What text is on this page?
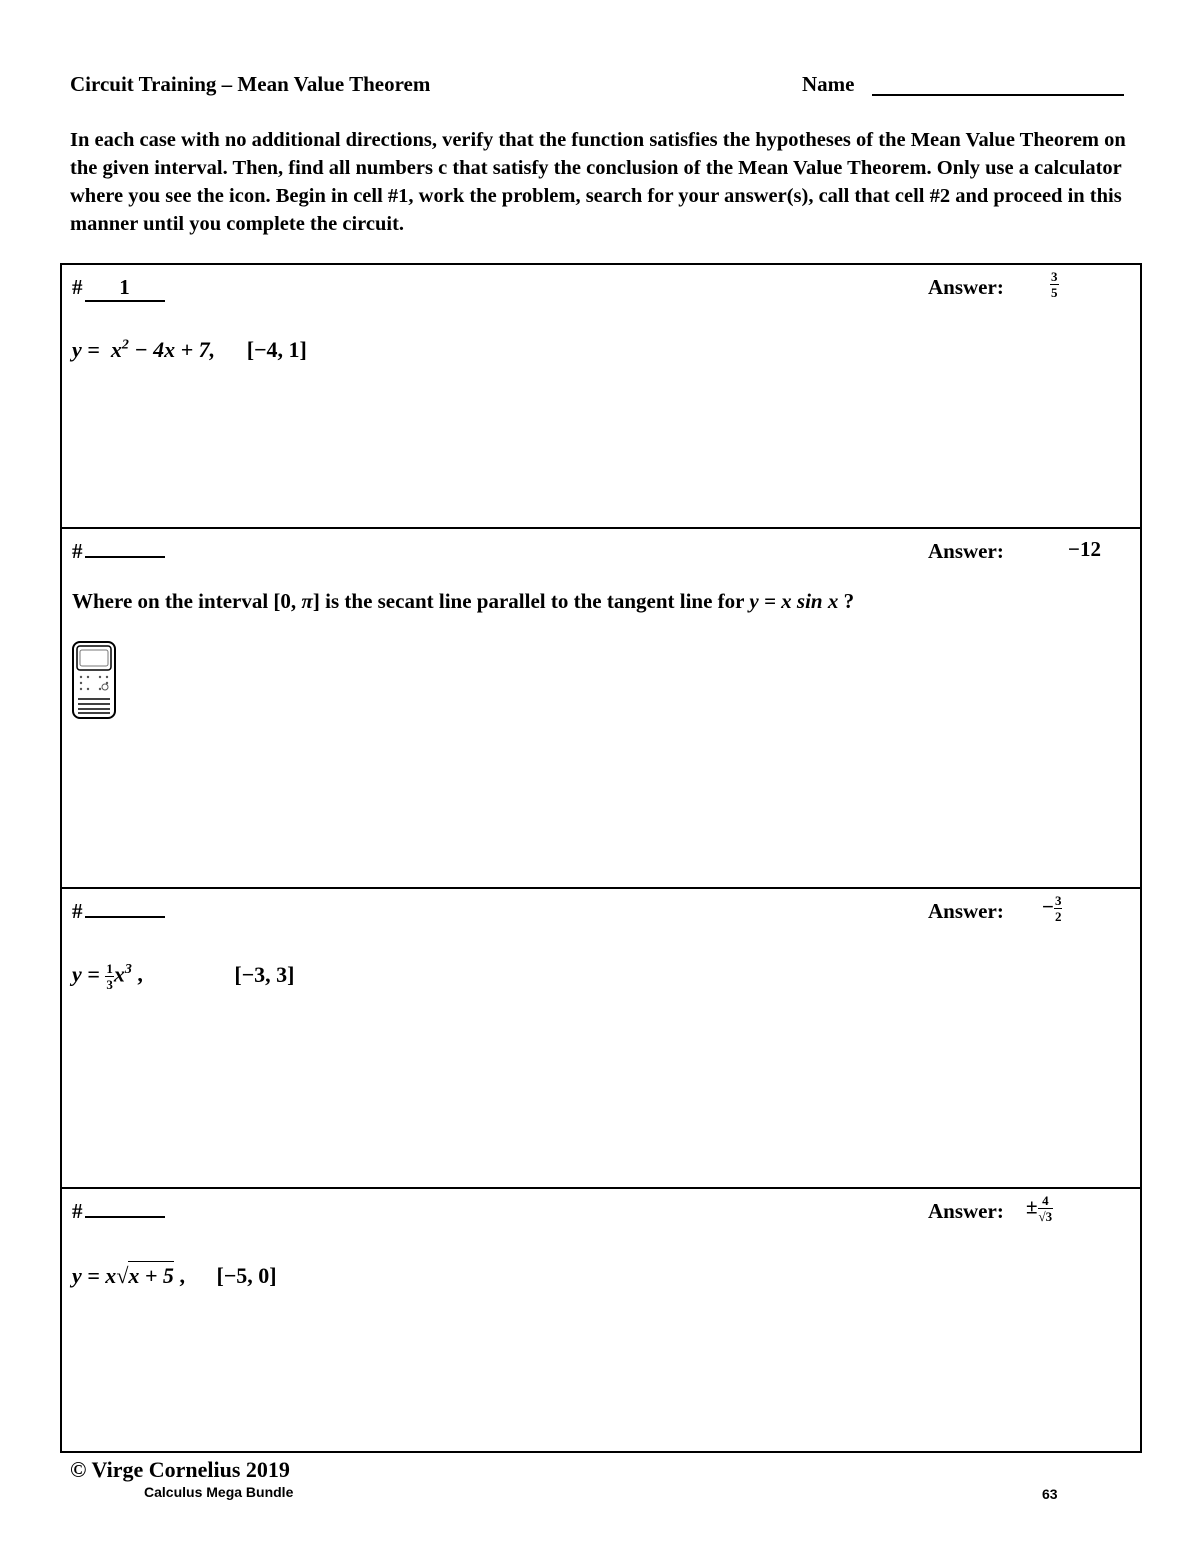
Circuit Training – Mean Value Theorem	Name
In each case with no additional directions, verify that the function satisfies the hypotheses of the Mean Value Theorem on the given interval. Then, find all numbers c that satisfy the conclusion of the Mean Value Theorem. Only use a calculator where you see the icon. Begin in cell #1, work the problem, search for your answer(s), call that cell #2 and proceed in this manner until you complete the circuit.
# 1	Answer:	$\frac{3}{5}$
$y = x^2 - 4x + 7$, [−4, 1]
#	Answer:	−12
Where on the interval [0, π] is the secant line parallel to the tangent line for y = x sin x ?
#	Answer: − $\frac{3}{2}$
$y = \frac{1}{3} x^3$ ,	[−3, 3]
#	Answer: ± $\frac{4}{√3}$
y = x√x + 5 , [−5, 0]
© Virge Cornelius 2019
Calculus Mega Bundle	63
